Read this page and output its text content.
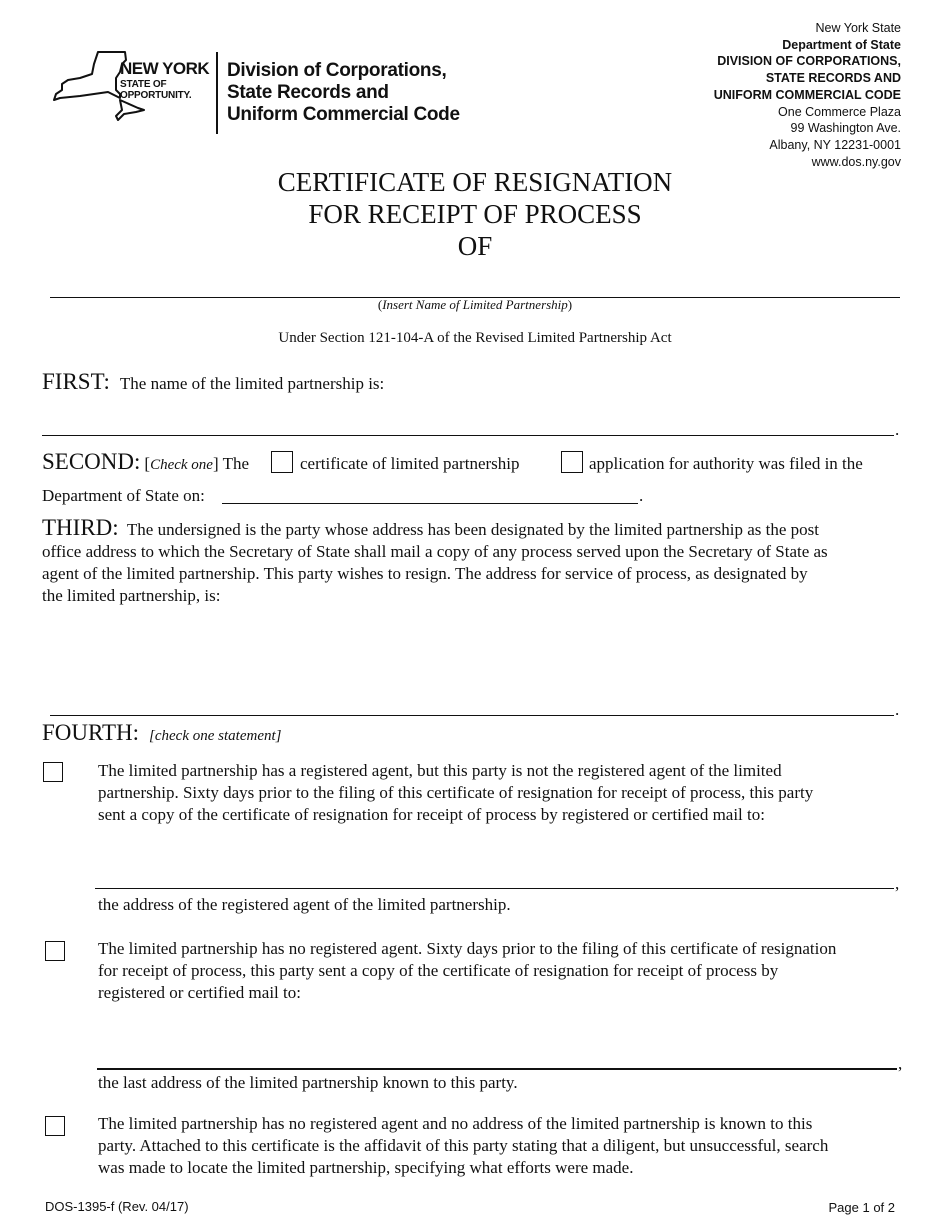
NEW YORK
STATE OF
OPPORTUNITY.
Division of Corporations,
State Records and
Uniform Commercial Code
New York State
Department of State
DIVISION OF CORPORATIONS,
STATE RECORDS AND
UNIFORM COMMERCIAL CODE
One Commerce Plaza
99 Washington Ave.
Albany, NY 12231-0001
www.dos.ny.gov
CERTIFICATE OF RESIGNATION
FOR RECEIPT OF PROCESS
OF
(Insert Name of Limited Partnership)
Under Section 121-104-A of the Revised Limited Partnership Act
FIRST: The name of the limited partnership is:
.
SECOND: [Check one] The	certificate of limited partnership	application for authority was filed in the
Department of State on:	.
THIRD: The undersigned is the party whose address has been designated by the limited partnership as the post
office address to which the Secretary of State shall mail a copy of any process served upon the Secretary of State as
agent of the limited partnership. This party wishes to resign. The address for service of process, as designated by
the limited partnership, is:
.
FOURTH: [check one statement]
The limited partnership has a registered agent, but this party is not the registered agent of the limited
partnership. Sixty days prior to the filing of this certificate of resignation for receipt of process, this party
sent a copy of the certificate of resignation for receipt of process by registered or certified mail to:
,
the address of the registered agent of the limited partnership.
The limited partnership has no registered agent. Sixty days prior to the filing of this certificate of resignation
for receipt of process, this party sent a copy of the certificate of resignation for receipt of process by
registered or certified mail to:
,
the last address of the limited partnership known to this party.
The limited partnership has no registered agent and no address of the limited partnership is known to this
party. Attached to this certificate is the affidavit of this party stating that a diligent, but unsuccessful, search
was made to locate the limited partnership, specifying what efforts were made.
DOS-1395-f (Rev. 04/17)	Page 1 of 2
